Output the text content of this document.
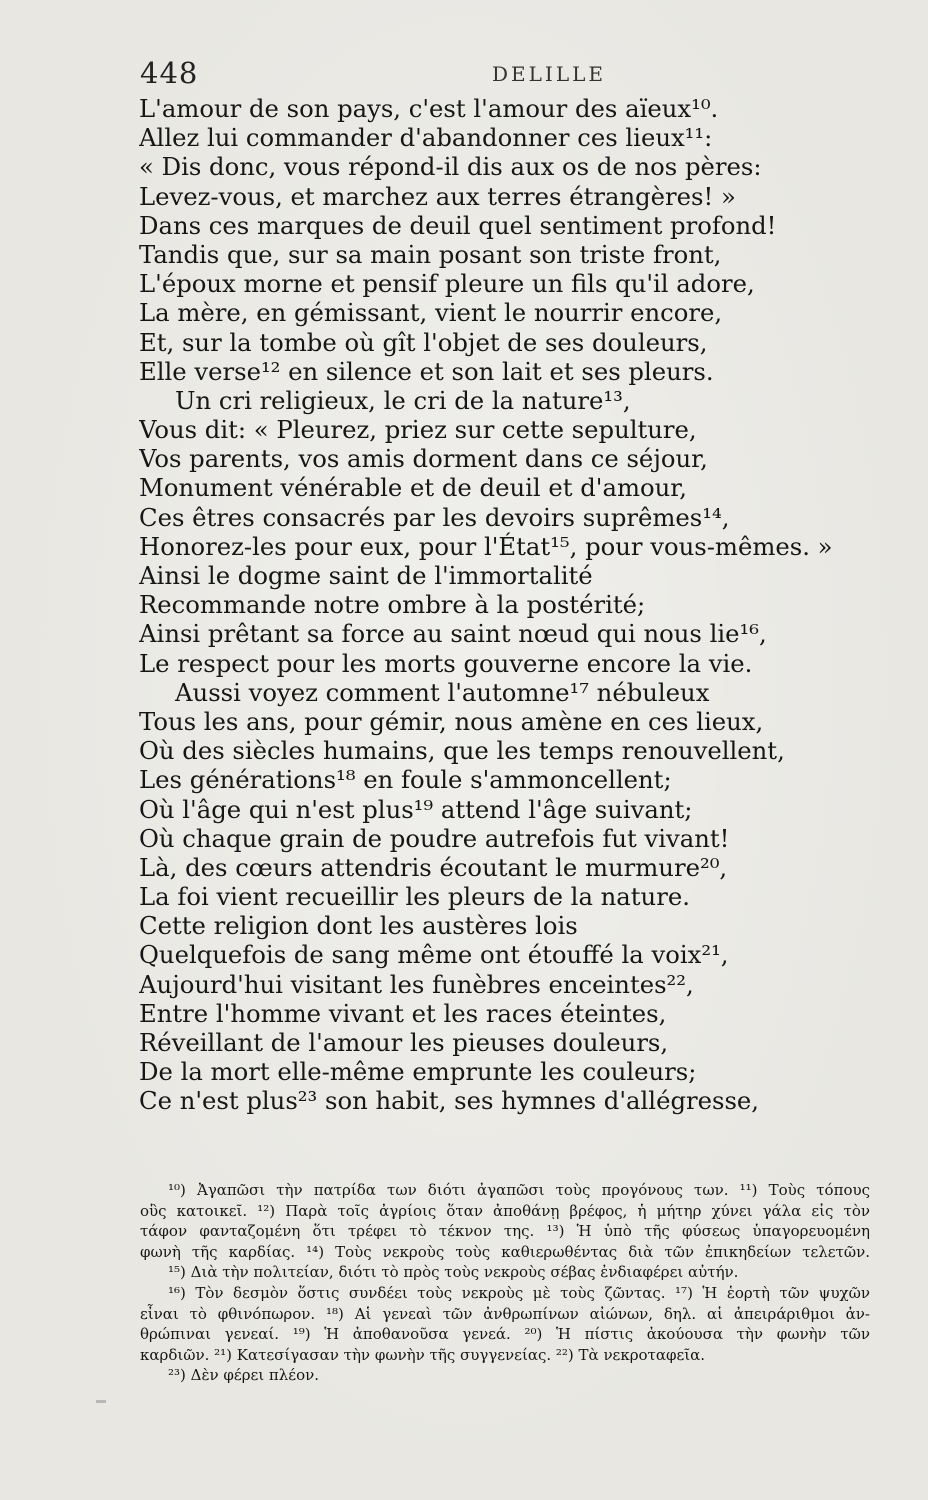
448	DELILLE
L'amour de son pays, c'est l'amour des aïeux¹⁰.
Allez lui commander d'abandonner ces lieux¹¹:
« Dis donc, vous répond-il dis aux os de nos pères:
Levez-vous, et marchez aux terres étrangères! »
Dans ces marques de deuil quel sentiment profond!
Tandis que, sur sa main posant son triste front,
L'époux morne et pensif pleure un fils qu'il adore,
La mère, en gémissant, vient le nourrir encore,
Et, sur la tombe où gît l'objet de ses douleurs,
Elle verse¹² en silence et son lait et ses pleurs.
Un cri religieux, le cri de la nature¹³,
Vous dit: « Pleurez, priez sur cette sepulture,
Vos parents, vos amis dorment dans ce séjour,
Monument vénérable et de deuil et d'amour,
Ces êtres consacrés par les devoirs suprêmes¹⁴,
Honorez-les pour eux, pour l'État¹⁵, pour vous-mêmes. »
Ainsi le dogme saint de l'immortalité
Recommande notre ombre à la postérité;
Ainsi prêtant sa force au saint nœud qui nous lie¹⁶,
Le respect pour les morts gouverne encore la vie.
Aussi voyez comment l'automne¹⁷ nébuleux
Tous les ans, pour gémir, nous amène en ces lieux,
Où des siècles humains, que les temps renouvellent,
Les générations¹⁸ en foule s'ammoncellent;
Où l'âge qui n'est plus¹⁹ attend l'âge suivant;
Où chaque grain de poudre autrefois fut vivant!
Là, des cœurs attendris écoutant le murmure²⁰,
La foi vient recueillir les pleurs de la nature.
Cette religion dont les austères lois
Quelquefois de sang même ont étouffé la voix²¹,
Aujourd'hui visitant les funèbres enceintes²²,
Entre l'homme vivant et les races éteintes,
Réveillant de l'amour les pieuses douleurs,
De la mort elle-même emprunte les couleurs;
Ce n'est plus²³ son habit, ses hymnes d'allégresse,
¹⁰) Ἀγαπῶσι τὴν πατρίδα των διότι ἀγαπῶσι τοὺς προγόνους των. ¹¹) Τοὺς τόπους
οὓς κατοικεῖ. ¹²) Παρὰ τοῖς ἀγρίοις ὅταν ἀποθάνῃ βρέφος, ἡ μήτηρ χύνει γάλα εἰς τὸν
τάφον φανταζομένη ὅτι τρέφει τὸ τέκνον της. ¹³) Ἡ ὑπὸ τῆς φύσεως ὑπαγορευομένη
φωνὴ τῆς καρδίας. ¹⁴) Τοὺς νεκροὺς τοὺς καθιερωθέντας διὰ τῶν ἐπικηδείων τελετῶν.
¹⁵) Διὰ τὴν πολιτείαν, διότι τὸ πρὸς τοὺς νεκροὺς σέβας ἐνδιαφέρει αὐτήν.
¹⁶) Τὸν δεσμὸν ὅστις συνδέει τοὺς νεκροὺς μὲ τοὺς ζῶντας. ¹⁷) Ἡ ἑορτὴ τῶν ψυχῶν
εἶναι τὸ φθινόπωρον. ¹⁸) Αἱ γενεαὶ τῶν ἀνθρωπίνων αἰώνων, δηλ. αἱ ἀπειράριθμοι ἀν-
θρώπιναι γενεαί. ¹⁹) Ἡ ἀποθανοῦσα γενεά. ²⁰) Ἡ πίστις ἀκούουσα τὴν φωνὴν τῶν
καρδιῶν. ²¹) Κατεσίγασαν τὴν φωνὴν τῆς συγγενείας. ²²) Τὰ νεκροταφεῖα.
²³) Δὲν φέρει πλέον.
